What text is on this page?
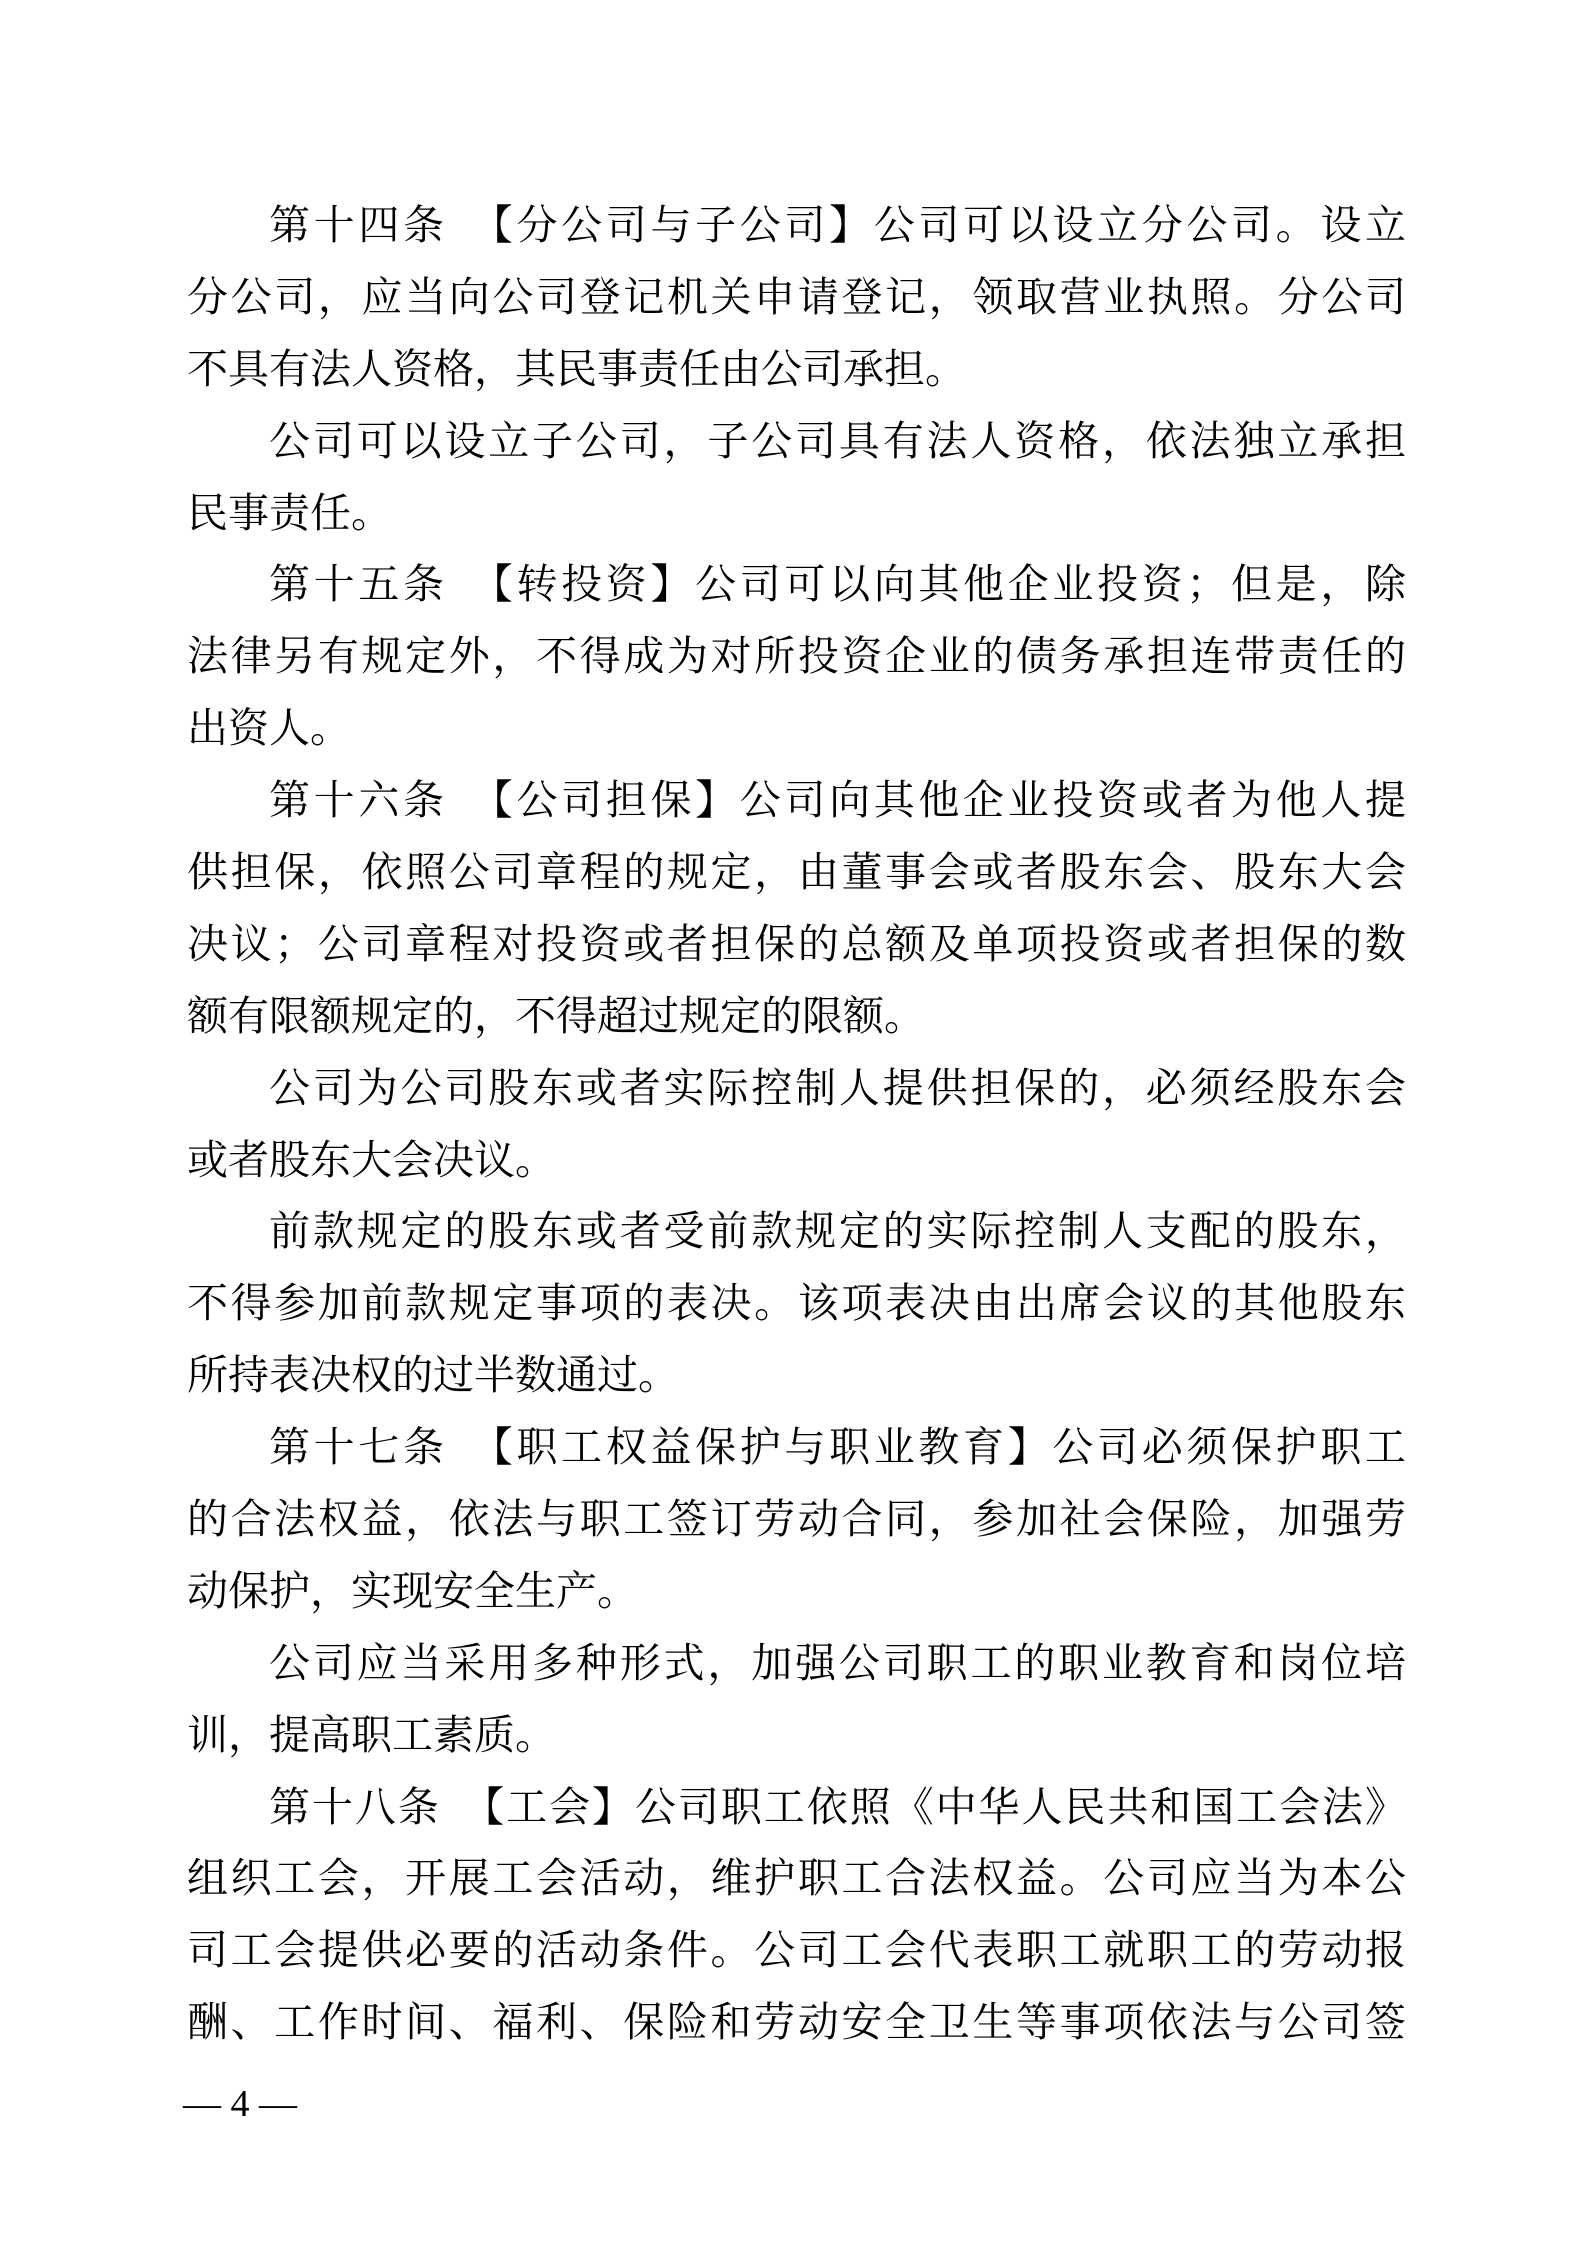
第十四条　【分公司与子公司】公司可以设立分公司。设立
分公司，应当向公司登记机关申请登记，领取营业执照。分公司
不具有法人资格，其民事责任由公司承担。
公司可以设立子公司，子公司具有法人资格，依法独立承担
民事责任。
第十五条　【转投资】公司可以向其他企业投资；但是，除
法律另有规定外，不得成为对所投资企业的债务承担连带责任的
出资人。
第十六条　【公司担保】公司向其他企业投资或者为他人提
供担保，依照公司章程的规定，由董事会或者股东会、股东大会
决议；公司章程对投资或者担保的总额及单项投资或者担保的数
额有限额规定的，不得超过规定的限额。
公司为公司股东或者实际控制人提供担保的，必须经股东会
或者股东大会决议。
前款规定的股东或者受前款规定的实际控制人支配的股东，
不得参加前款规定事项的表决。该项表决由出席会议的其他股东
所持表决权的过半数通过。
第十七条　【职工权益保护与职业教育】公司必须保护职工
的合法权益，依法与职工签订劳动合同，参加社会保险，加强劳
动保护，实现安全生产。
公司应当采用多种形式，加强公司职工的职业教育和岗位培
训，提高职工素质。
第十八条　【工会】公司职工依照《中华人民共和国工会法》
组织工会，开展工会活动，维护职工合法权益。公司应当为本公
司工会提供必要的活动条件。公司工会代表职工就职工的劳动报
酬、工作时间、福利、保险和劳动安全卫生等事项依法与公司签
— 4 —
